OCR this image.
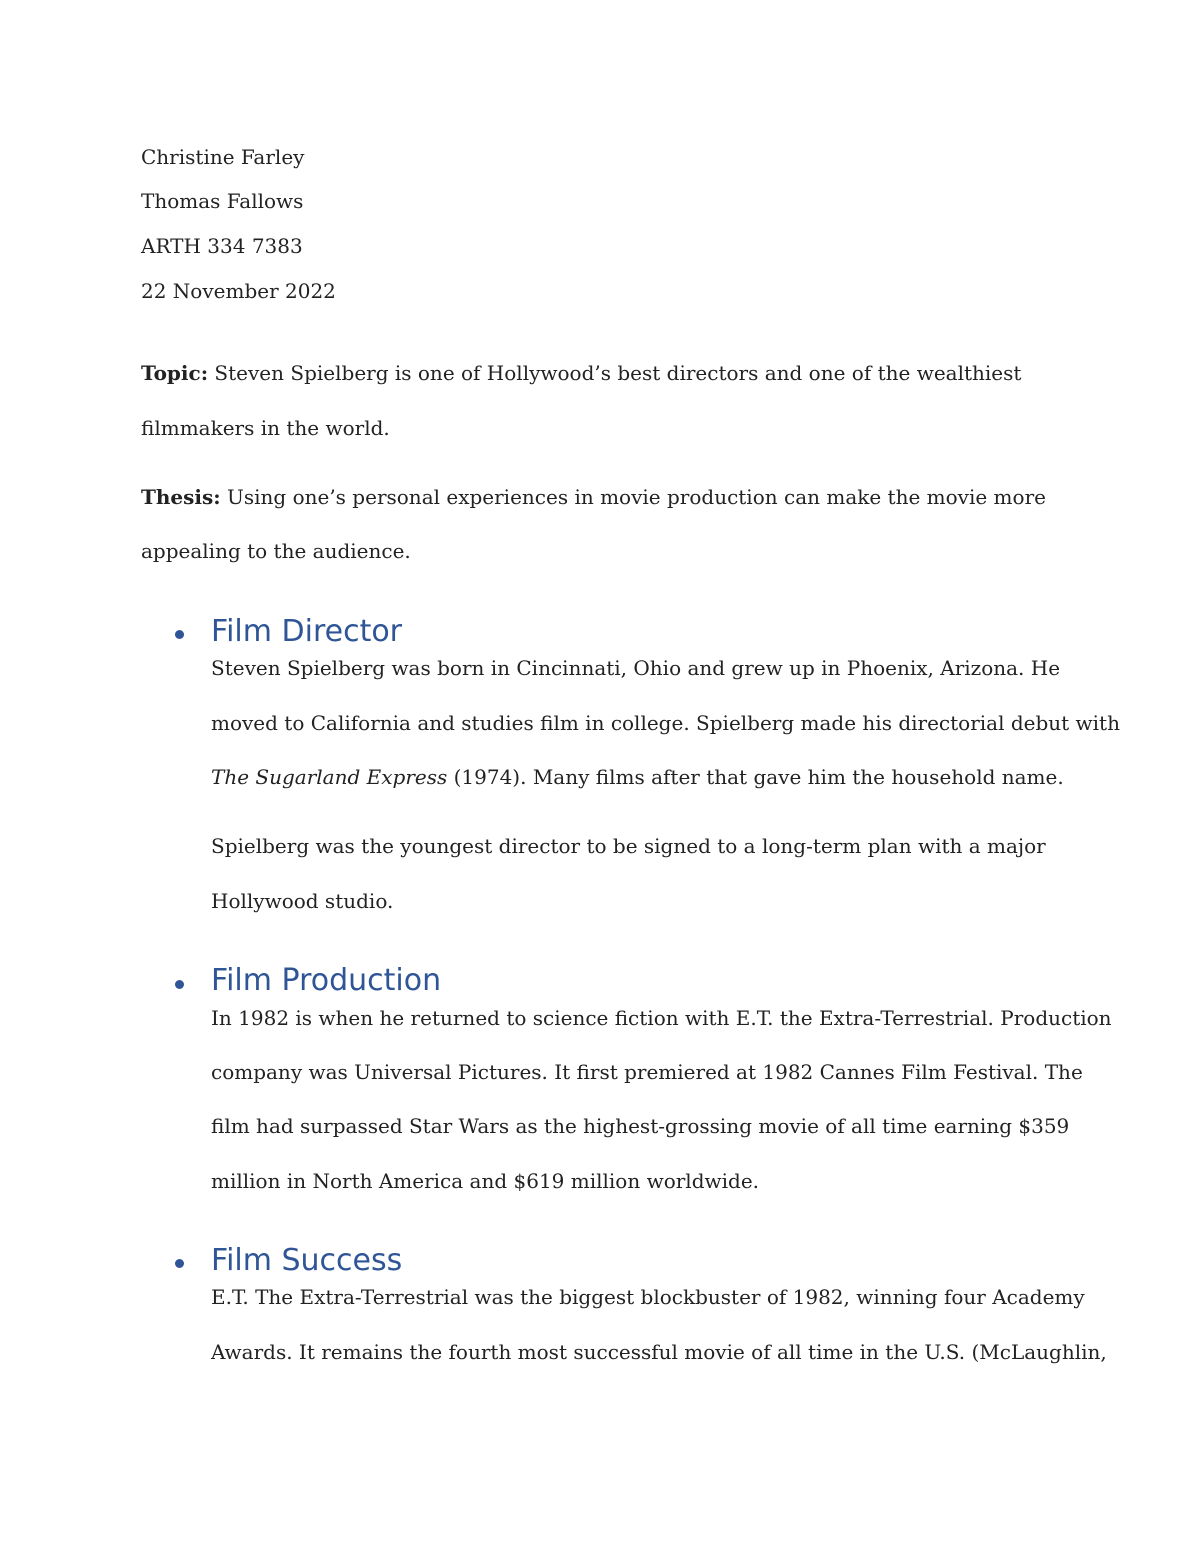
Christine Farley
Thomas Fallows
ARTH 334 7383
22 November 2022
Topic: Steven Spielberg is one of Hollywood’s best directors and one of the wealthiest
filmmakers in the world.
Thesis: Using one’s personal experiences in movie production can make the movie more
appealing to the audience.
Film Director
Steven Spielberg was born in Cincinnati, Ohio and grew up in Phoenix, Arizona. He
moved to California and studies film in college. Spielberg made his directorial debut with
The Sugarland Express (1974). Many films after that gave him the household name.
Spielberg was the youngest director to be signed to a long-term plan with a major
Hollywood studio.
Film Production
In 1982 is when he returned to science fiction with E.T. the Extra-Terrestrial. Production
company was Universal Pictures. It first premiered at 1982 Cannes Film Festival. The
film had surpassed Star Wars as the highest-grossing movie of all time earning $359
million in North America and $619 million worldwide.
Film Success
E.T. The Extra-Terrestrial was the biggest blockbuster of 1982, winning four Academy
Awards. It remains the fourth most successful movie of all time in the U.S. (McLaughlin,
